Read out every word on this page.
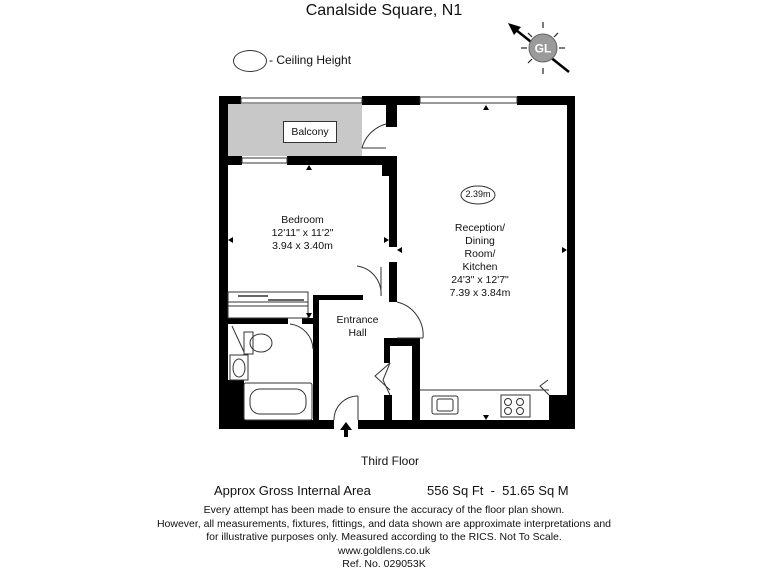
Canalside Square, N1
- Ceiling Height
GL
2.39m
Balcony
Bedroom
12'11" x 11'2"
3.94 x 3.40m
Reception/
Dining
Room/
Kitchen
24'3" x 12'7"
7.39 x 3.84m
Entrance
Hall
Third Floor
Approx Gross Internal Area	556 Sq Ft  -  51.65 Sq M
Every attempt has been made to ensure the accuracy of the floor plan shown.
However, all measurements, fixtures, fittings, and data shown are approximate interpretations and
for illustrative purposes only. Measured according to the RICS. Not To Scale.
www.goldlens.co.uk
Ref. No. 029053K
